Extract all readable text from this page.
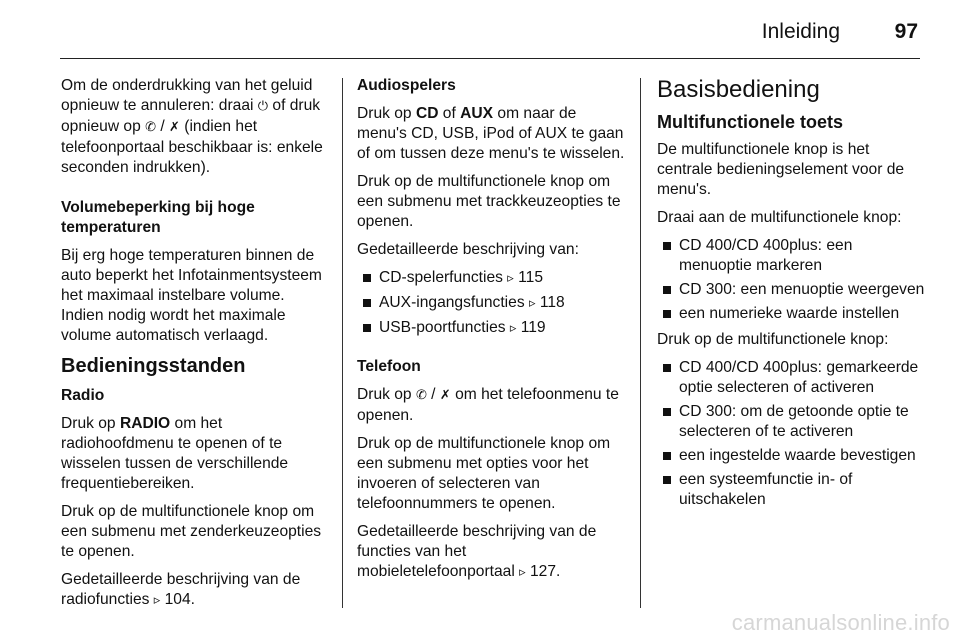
Inleiding	97

Om de onderdrukking van het geluid opnieuw te annuleren: draai ⏻ of druk opnieuw op ✆ / ✗ (indien het telefoonportaal beschikbaar is: enkele seconden indrukken).

Volumebeperking bij hoge temperaturen

Bij erg hoge temperaturen binnen de auto beperkt het Infotainmentsysteem het maximaal instelbare volume. Indien nodig wordt het maximale volume automatisch verlaagd.

Bedieningsstanden

Radio

Druk op RADIO om het radiohoofdmenu te openen of te wisselen tussen de verschillende frequentiebereiken.

Druk op de multifunctionele knop om een submenu met zenderkeuzeopties te openen.

Gedetailleerde beschrijving van de radiofuncties ▹ 104.

Audiospelers

Druk op CD of AUX om naar de menu's CD, USB, iPod of AUX te gaan of om tussen deze menu's te wisselen.

Druk op de multifunctionele knop om een submenu met trackkeuzeopties te openen.

Gedetailleerde beschrijving van:

CD-spelerfuncties ▹ 115
AUX-ingangsfuncties ▹ 118
USB-poortfuncties ▹ 119

Telefoon

Druk op ✆ / ✗ om het telefoonmenu te openen.

Druk op de multifunctionele knop om een submenu met opties voor het invoeren of selecteren van telefoonnummers te openen.

Gedetailleerde beschrijving van de functies van het mobieletelefoonportaal ▹ 127.

Basisbediening

Multifunctionele toets

De multifunctionele knop is het centrale bedieningselement voor de menu's.

Draai aan de multifunctionele knop:

CD 400/CD 400plus: een menuoptie markeren
CD 300: een menuoptie weergeven
een numerieke waarde instellen

Druk op de multifunctionele knop:

CD 400/CD 400plus: gemarkeerde optie selecteren of activeren
CD 300: om de getoonde optie te selecteren of te activeren
een ingestelde waarde bevestigen
een systeemfunctie in- of uitschakelen
carmanualsonline.info
